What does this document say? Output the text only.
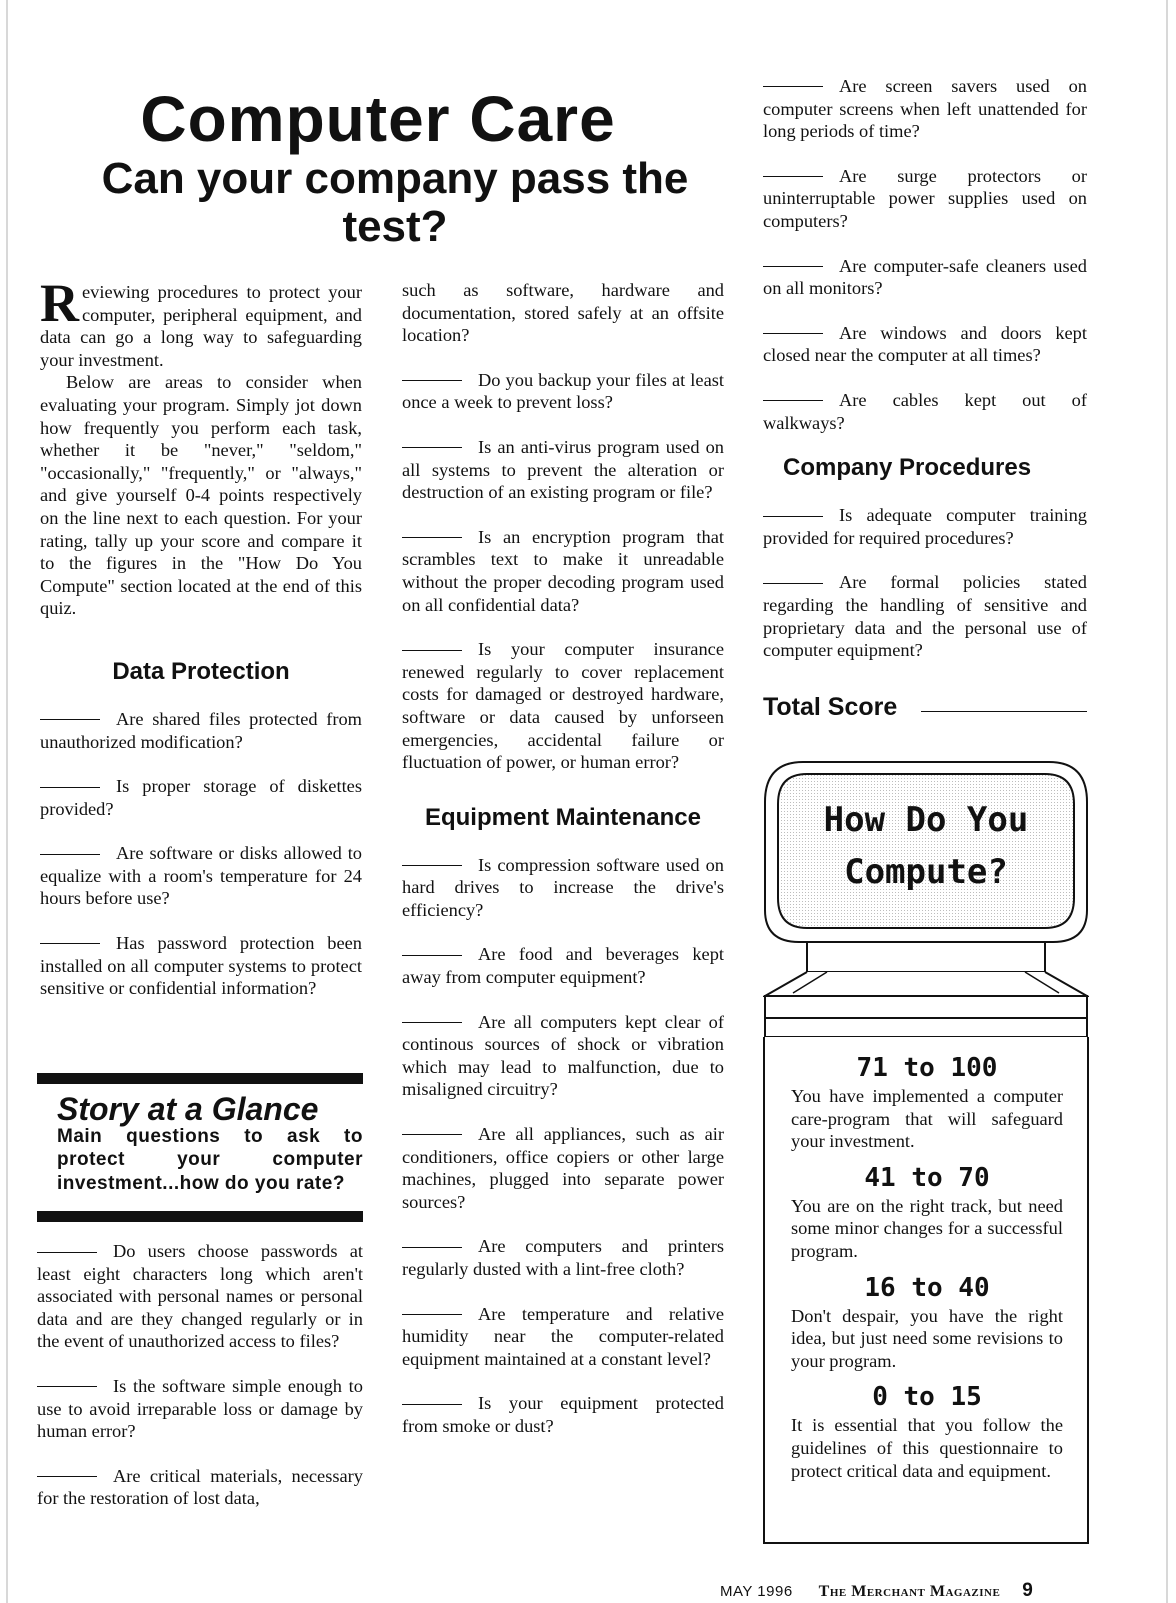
Computer Care
Can your company pass the test?

Reviewing procedures to protect your computer, peripheral equipment, and data can go a long way to safeguarding your investment.

Below are areas to consider when evaluating your program. Simply jot down how frequently you perform each task, whether it be "never," "seldom," "occasionally," "frequently," or "always," and give yourself 0-4 points respectively on the line next to each question. For your rating, tally up your score and compare it to the figures in the "How Do You Compute" section located at the end of this quiz.

Data Protection

Are shared files protected from unauthorized modification?

Is proper storage of diskettes provided?

Are software or disks allowed to equalize with a room's temperature for 24 hours before use?

Has password protection been installed on all computer systems to protect sensitive or confidential information?

Story at a Glance
Main questions to ask to protect your computer investment...how do you rate?

Do users choose passwords at least eight characters long which aren't associated with personal names or personal data and are they changed regularly or in the event of unauthorized access to files?

Is the software simple enough to use to avoid irreparable loss or damage by human error?

Are critical materials, necessary for the restoration of lost data,

such as software, hardware and documentation, stored safely at an offsite location?

Do you backup your files at least once a week to prevent loss?

Is an anti-virus program used on all systems to prevent the alteration or destruction of an existing program or file?

Is an encryption program that scrambles text to make it unreadable without the proper decoding program used on all confidential data?

Is your computer insurance renewed regularly to cover replacement costs for damaged or destroyed hardware, software or data caused by unforseen emergencies, accidental failure or fluctuation of power, or human error?

Equipment Maintenance

Is compression software used on hard drives to increase the drive's efficiency?

Are food and beverages kept away from computer equipment?

Are all computers kept clear of continous sources of shock or vibration which may lead to malfunction, due to misaligned circuitry?

Are all appliances, such as air conditioners, office copiers or other large machines, plugged into separate power sources?

Are computers and printers regularly dusted with a lint-free cloth?

Are temperature and relative humidity near the computer-related equipment maintained at a constant level?

Is your equipment protected from smoke or dust?

Are screen savers used on computer screens when left unattended for long periods of time?

Are surge protectors or uninterruptable power supplies used on computers?

Are computer-safe cleaners used on all monitors?

Are windows and doors kept closed near the computer at all times?

Are cables kept out of walkways?

Company Procedures

Is adequate computer training provided for required procedures?

Are formal policies stated regarding the handling of sensitive and proprietary data and the personal use of computer equipment?

Total Score
How Do You
Compute?
71 to 100

You have implemented a computer care-program that will safeguard your investment.

41 to 70

You are on the right track, but need some minor changes for a successful program.

16 to 40

Don't despair, you have the right idea, but just need some revisions to your program.

0 to 15

It is essential that you follow the guidelines of this questionnaire to protect critical data and equipment.

MAY 1996 The Merchant Magazine 9
